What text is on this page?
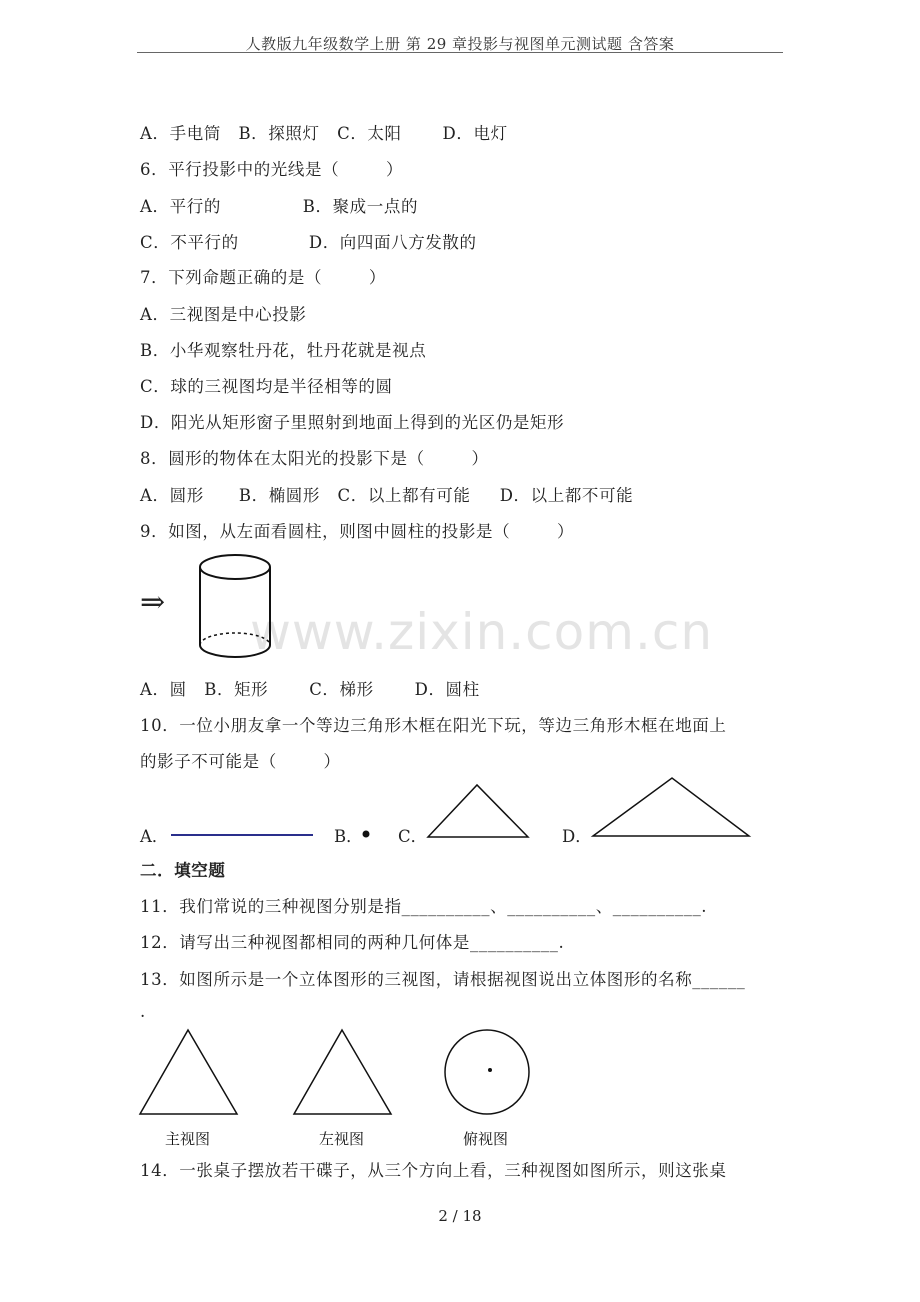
人教版九年级数学上册 第 29 章投影与视图单元测试题 含答案
www.zixin.com.cn
A．手电筒   B．探照灯   C．太阳       D．电灯
6．平行投影中的光线是（        ）
A．平行的              B．聚成一点的
C．不平行的            D．向四面八方发散的
7．下列命题正确的是（        ）
A．三视图是中心投影
B．小华观察牡丹花，牡丹花就是视点
C．球的三视图均是半径相等的圆
D．阳光从矩形窗子里照射到地面上得到的光区仍是矩形
8．圆形的物体在太阳光的投影下是（        ）
A．圆形      B．椭圆形   C．以上都有可能     D．以上都不可能
9．如图，从左面看圆柱，则图中圆柱的投影是（        ）
⇒
A．圆   B．矩形       C．梯形       D．圆柱
10．一位小朋友拿一个等边三角形木框在阳光下玩，等边三角形木框在地面上
的影子不可能是（        ）
A．	B． C．	D．
二．填空题
11．我们常说的三种视图分别是指__________、__________、__________.
12．请写出三种视图都相同的两种几何体是__________.
13．如图所示是一个立体图形的三视图，请根据视图说出立体图形的名称______
.
主视图	左视图	俯视图
14．一张桌子摆放若干碟子，从三个方向上看，三种视图如图所示，则这张桌
2 / 18
